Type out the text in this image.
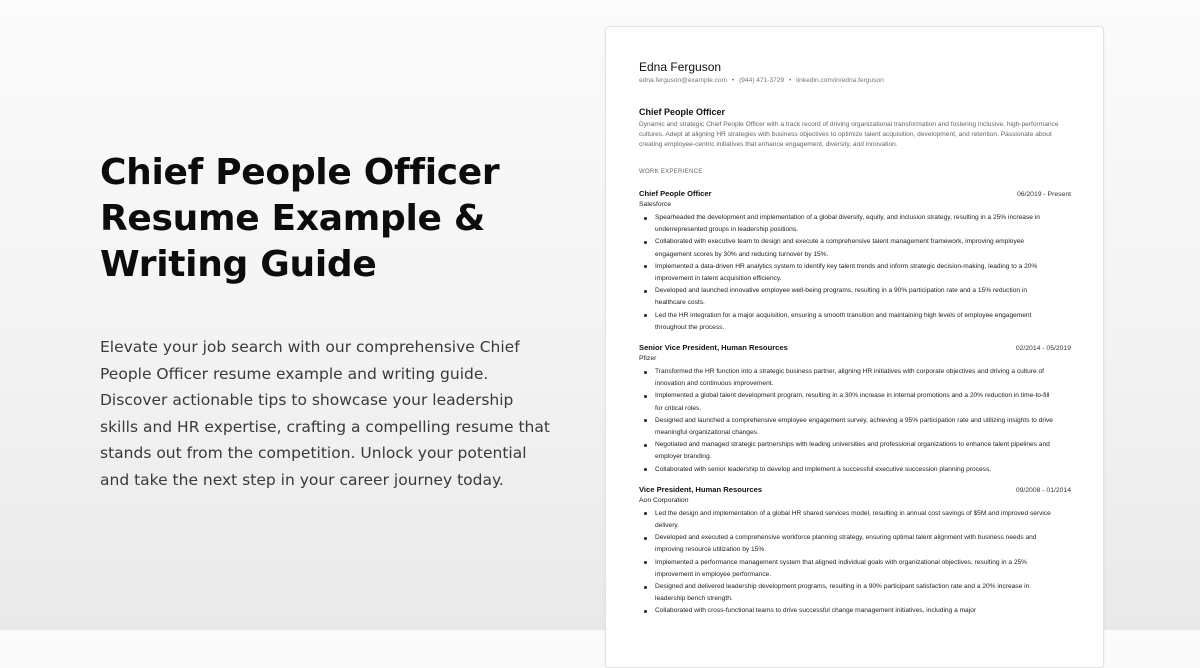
Chief People Officer Resume Example & Writing Guide

Elevate your job search with our comprehensive Chief People Officer resume example and writing guide. Discover actionable tips to showcase your leadership skills and HR expertise, crafting a compelling resume that stands out from the competition. Unlock your potential and take the next step in your career journey today.

Edna Ferguson
edna.ferguson@example.com • (944) 471-3729 • linkedin.com/in/edna.ferguson
Chief People Officer
Dynamic and strategic Chief People Officer with a track record of driving organizational transformation and fostering inclusive, high-performance cultures. Adept at aligning HR strategies with business objectives to optimize talent acquisition, development, and retention. Passionate about creating employee-centric initiatives that enhance engagement, diversity, and innovation.
WORK EXPERIENCE
Chief People Officer	06/2019 - Present
Salesforce
Spearheaded the development and implementation of a global diversity, equity, and inclusion strategy, resulting in a 25% increase in underrepresented groups in leadership positions.
Collaborated with executive team to design and execute a comprehensive talent management framework, improving employee engagement scores by 30% and reducing turnover by 15%.
Implemented a data-driven HR analytics system to identify key talent trends and inform strategic decision-making, leading to a 20% improvement in talent acquisition efficiency.
Developed and launched innovative employee well-being programs, resulting in a 90% participation rate and a 15% reduction in healthcare costs.
Led the HR integration for a major acquisition, ensuring a smooth transition and maintaining high levels of employee engagement throughout the process.
Senior Vice President, Human Resources	02/2014 - 05/2019
Pfizer
Transformed the HR function into a strategic business partner, aligning HR initiatives with corporate objectives and driving a culture of innovation and continuous improvement.
Implemented a global talent development program, resulting in a 30% increase in internal promotions and a 20% reduction in time-to-fill for critical roles.
Designed and launched a comprehensive employee engagement survey, achieving a 95% participation rate and utilizing insights to drive meaningful organizational changes.
Negotiated and managed strategic partnerships with leading universities and professional organizations to enhance talent pipelines and employer branding.
Collaborated with senior leadership to develop and implement a successful executive succession planning process.
Vice President, Human Resources	09/2008 - 01/2014
Aon Corporation
Led the design and implementation of a global HR shared services model, resulting in annual cost savings of $5M and improved service delivery.
Developed and executed a comprehensive workforce planning strategy, ensuring optimal talent alignment with business needs and improving resource utilization by 15%.
Implemented a performance management system that aligned individual goals with organizational objectives, resulting in a 25% improvement in employee performance.
Designed and delivered leadership development programs, resulting in a 90% participant satisfaction rate and a 20% increase in leadership bench strength.
Collaborated with cross-functional teams to drive successful change management initiatives, including a major
